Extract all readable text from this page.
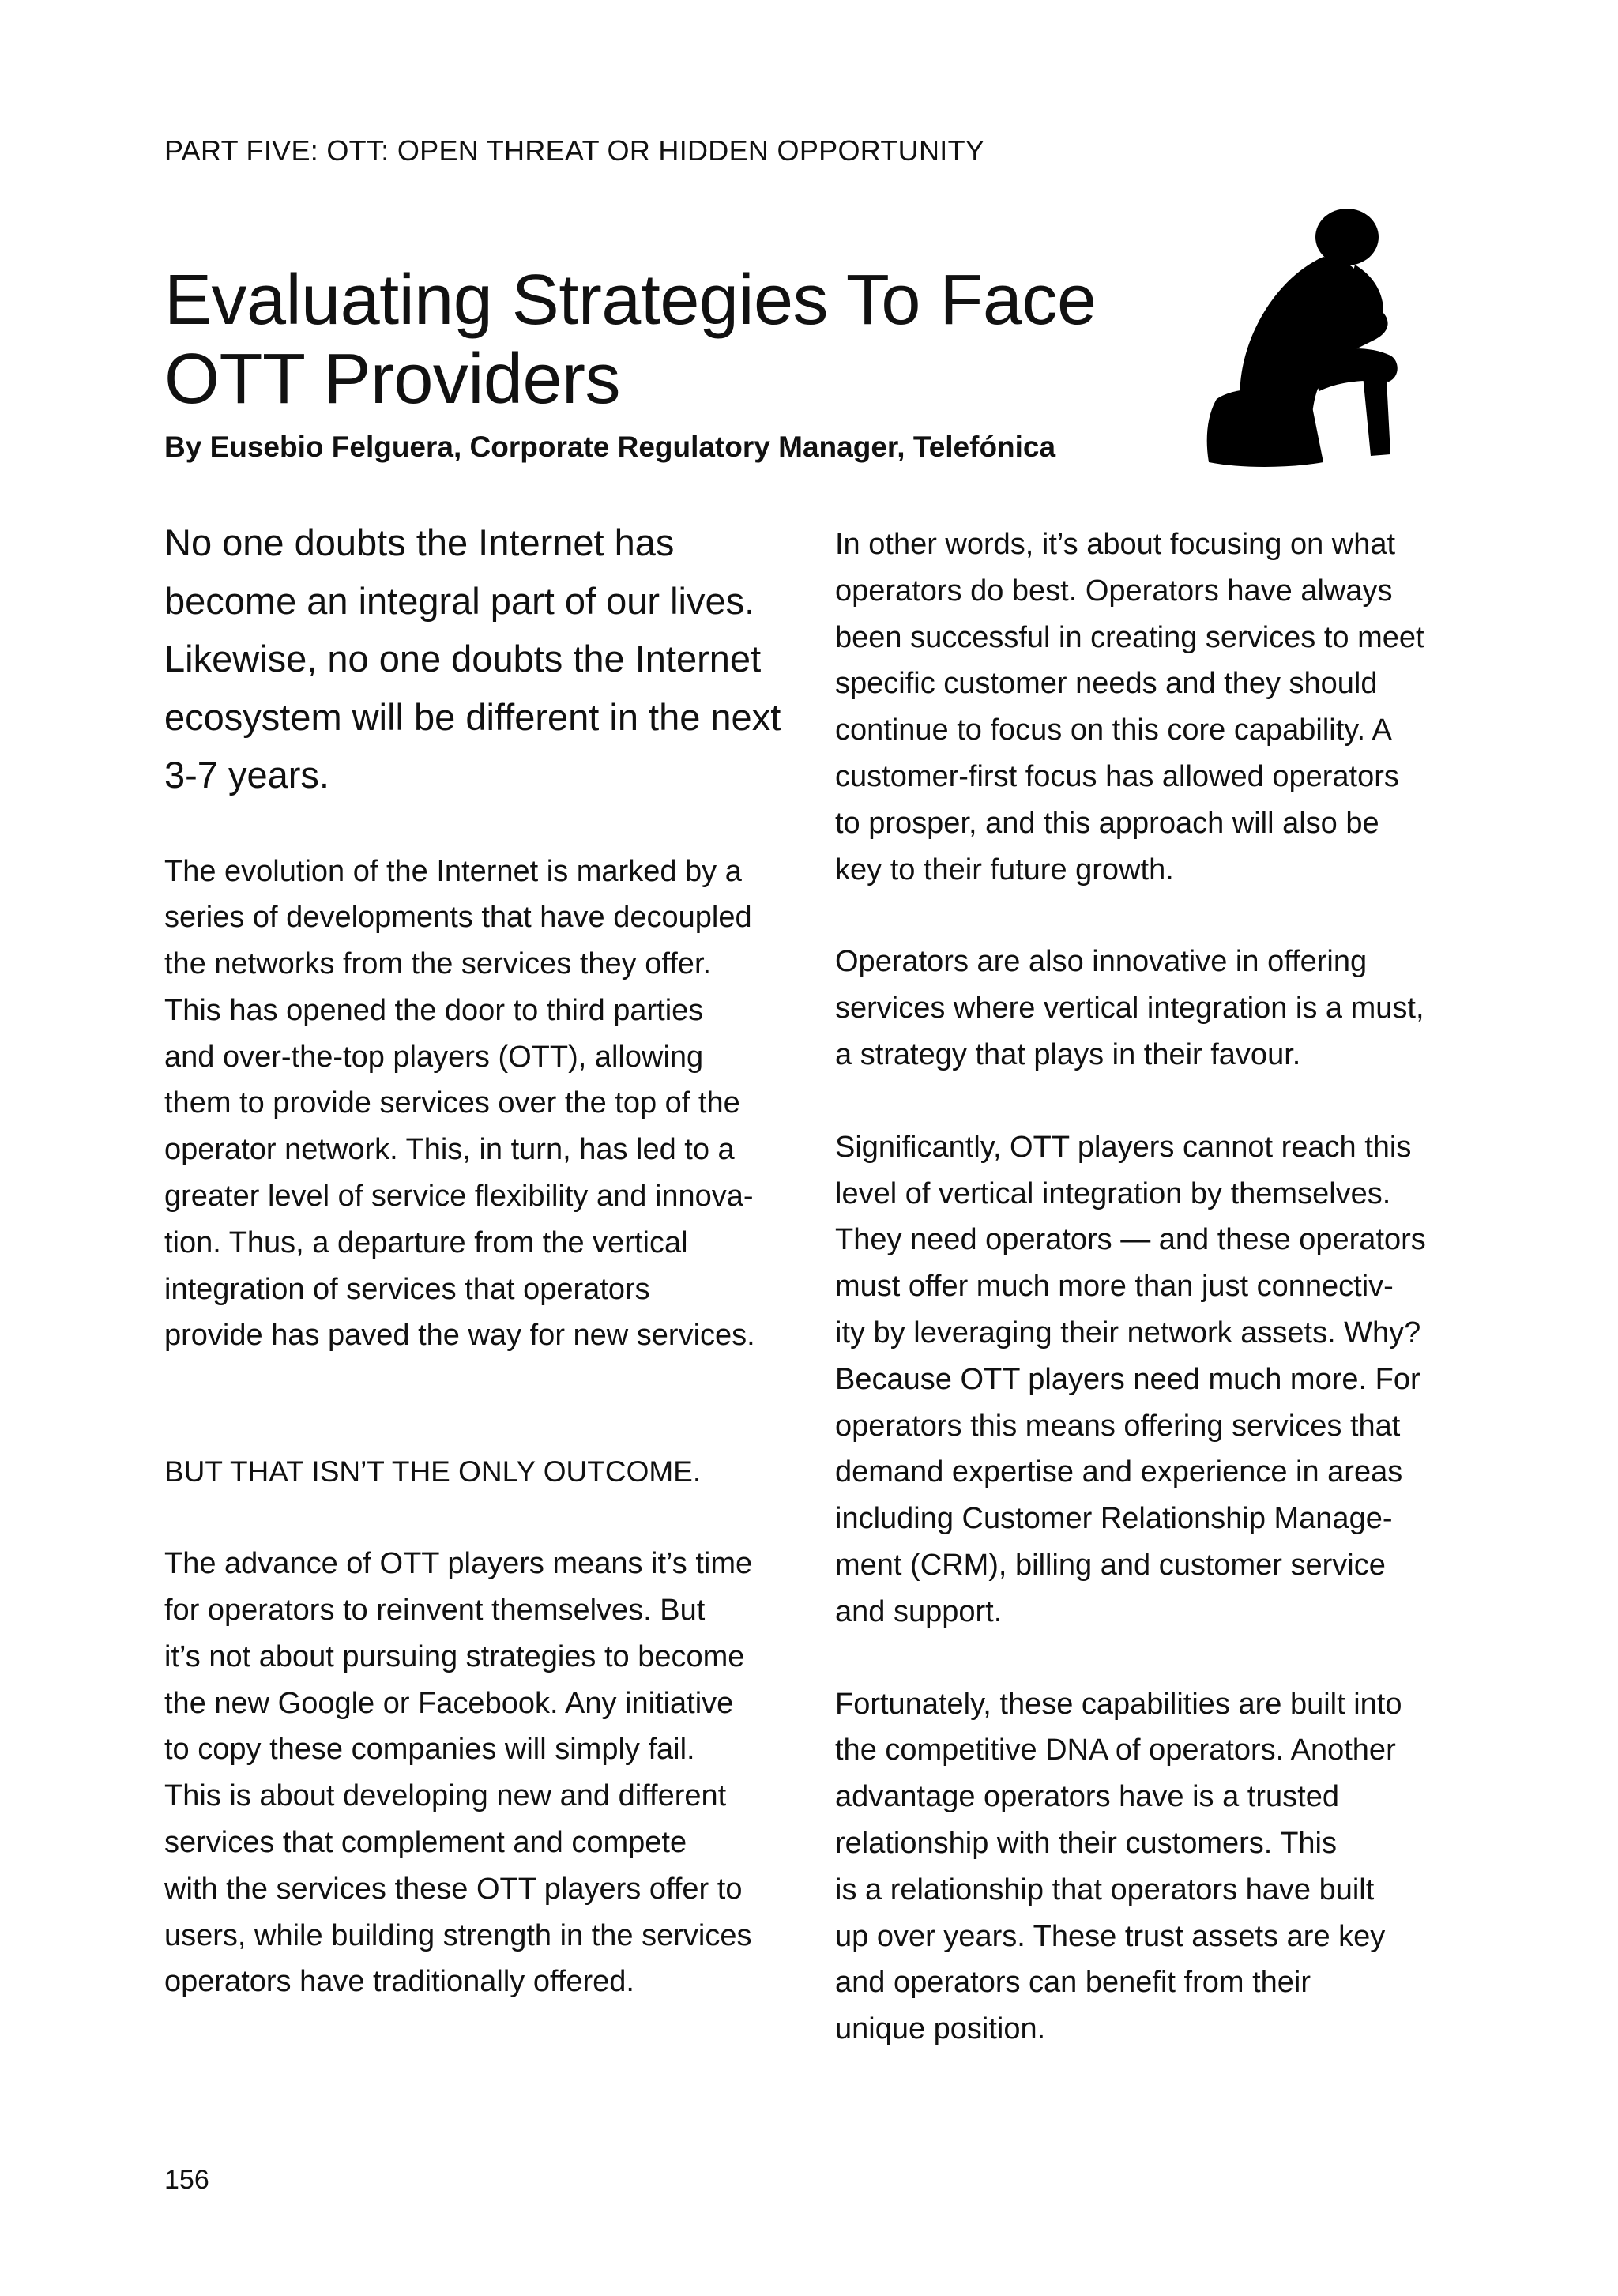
PART FIVE: OTT: OPEN THREAT OR HIDDEN OPPORTUNITY
Evaluating Strategies To Face
OTT Providers
By Eusebio Felguera, Corporate Regulatory Manager, Telefónica

No one doubts the Internet has become an integral part of our lives. Likewise, no one doubts the Internet ecosystem will be different in the next 3-7 years.

The evolution of the Internet is marked by a
series of developments that have decoupled
the networks from the services they offer.
This has opened the door to third parties
and over-the-top players (OTT), allowing
them to provide services over the top of the
operator network. This, in turn, has led to a
greater level of service flexibility and innova-
tion. Thus, a departure from the vertical
integration of services that operators
provide has paved the way for new services.

BUT THAT ISN’T THE ONLY OUTCOME.

The advance of OTT players means it’s time
for operators to reinvent themselves. But
it’s not about pursuing strategies to become
the new Google or Facebook. Any initiative
to copy these companies will simply fail.
This is about developing new and different
services that complement and compete
with the services these OTT players offer to
users, while building strength in the services
operators have traditionally offered.

In other words, it’s about focusing on what
operators do best. Operators have always
been successful in creating services to meet
specific customer needs and they should
continue to focus on this core capability. A
customer-first focus has allowed operators
to prosper, and this approach will also be
key to their future growth.

Operators are also innovative in offering
services where vertical integration is a must,
a strategy that plays in their favour.

Significantly, OTT players cannot reach this
level of vertical integration by themselves.
They need operators — and these operators
must offer much more than just connectiv-
ity by leveraging their network assets. Why?
Because OTT players need much more. For
operators this means offering services that
demand expertise and experience in areas
including Customer Relationship Manage-
ment (CRM), billing and customer service
and support.

Fortunately, these capabilities are built into
the competitive DNA of operators. Another
advantage operators have is a trusted
relationship with their customers. This
is a relationship that operators have built
up over years. These trust assets are key
and operators can benefit from their
unique position.

156
